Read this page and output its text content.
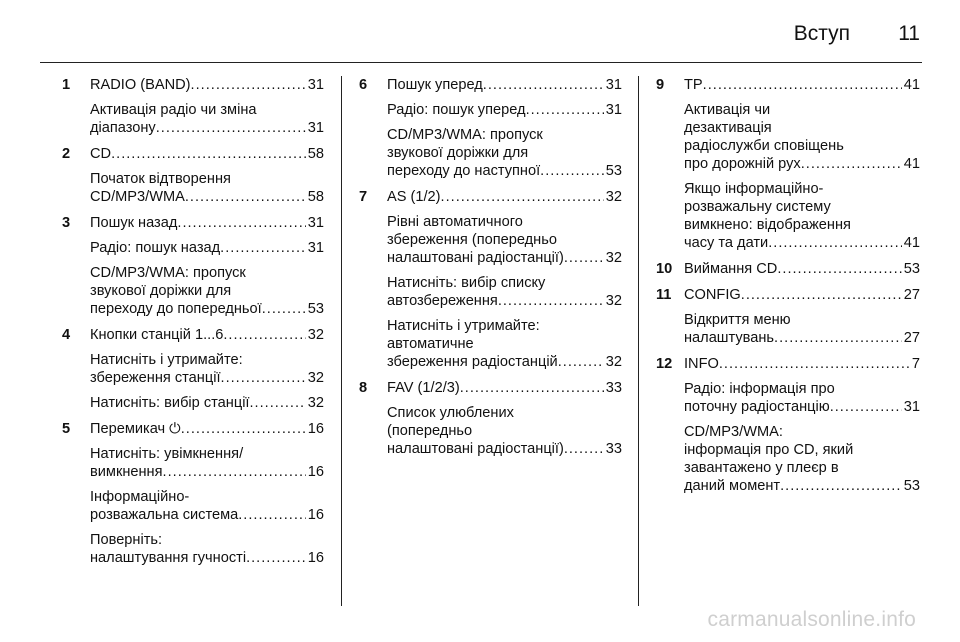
Вступ 11
1 RADIO (BAND) .....	31
Активація радіо чи зміна
діапазону .....	31
2 CD .....	58
Початок відтворення
CD/MP3/WMA .....	58
3 Пошук назад .....	31
Радіо: пошук назад .....	31
CD/MP3/WMA: пропуск
звукової доріжки для
переходу до попередньої .....	53
4 Кнопки станцій 1...6 .....	32
Натисніть і утримайте:
збереження станції .....	32
Натисніть: вибір станції .....	32
5 Перемикач ⏻ .....	16
Натисніть: увімкнення/
вимкнення .....	16
Інформаційно-
розважальна система .....	16
Поверніть:
налаштування гучності .....	16
6 Пошук уперед .....	31
Радіо: пошук уперед .....	31
CD/MP3/WMA: пропуск
звукової доріжки для
переходу до наступної .....	53
7 AS (1/2) .....	32
Рівні автоматичного
збереження (попередньо
налаштовані радіостанції) .....	32
Натисніть: вибір списку
автозбереження .....	32
Натисніть і утримайте:
автоматичне
збереження радіостанцій .....	32
8 FAV (1/2/3) .....	33
Список улюблених
(попередньо
налаштовані радіостанції) .....	33
9 TP .....	41
Активація чи
дезактивація
радіослужби сповіщень
про дорожній рух .....	41
Якщо інформаційно-
розважальну систему
вимкнено: відображення
часу та дати .....	41
10 Виймання CD .....	53
11 CONFIG .....	27
Відкриття меню
налаштувань .....	27
12 INFO .....	7
Радіо: інформація про
поточну радіостанцію .....	31
CD/MP3/WMA:
інформація про CD, який
завантажено у плеєр в
даний момент .....	53
carmanualsonline.info
